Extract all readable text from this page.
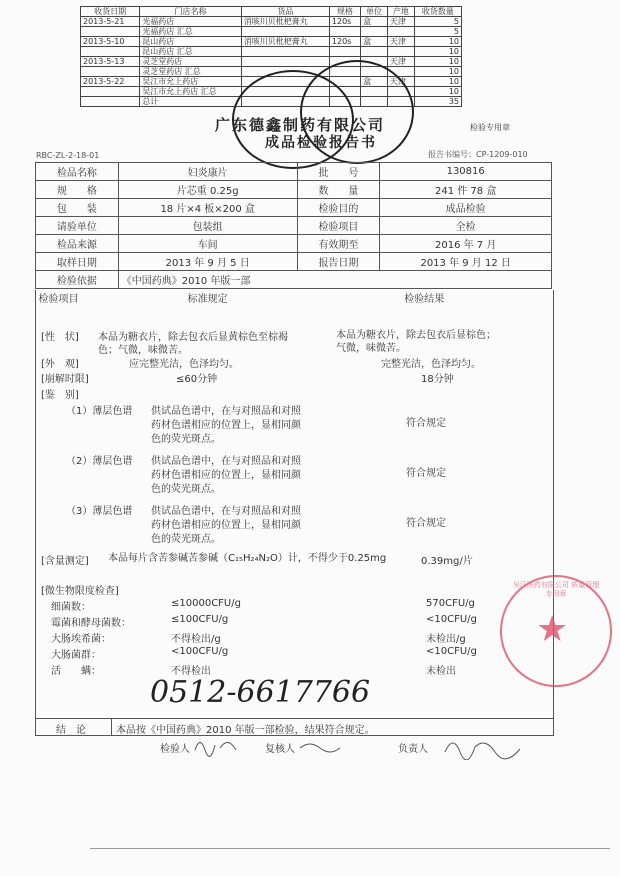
收货日期	门店名称	货品	规格	单位	产地	收货数量
2013-5-21	光福药店	消咳川贝枇杷膏丸	120s	盒	天津	5
	光福药店 汇总					5
2013-5-10	昆山药店	消咳川贝枇杷膏丸	120s	盒	天津	10
	昆山药店 汇总					10
2013-5-13	灵芝堂药店				天津	10
	灵芝堂药店 汇总					10
2013-5-22	吴江市允上药店			盒	天津	10
	吴江市允上药店 汇总					10
	总计					35
广东德鑫制药有限公司
成品检验报告书
检验专用章
RBC-ZL-2-18-01	报告书编号：CP-1209-010
检品名称	妇炎康片	批　　号	130816
规　　格	片芯重 0.25g	数　　量	241 件 78 盒
包　　装	18 片×4 板×200 盒	检验目的	成品检验
请验单位	包装组	检验项目	全检
检品来源	车间	有效期至	2016 年 7 月
取样日期	2013 年 9 月 5 日	报告日期	2013 年 9 月 12 日
检验依据	《中国药典》2010 年版一部		
检验项目	标准规定	检验结果	
[性　状] 本品为糖衣片，除去包衣后显黄棕色至棕褐
色；气微，味微苦。
本品为糖衣片，除去包衣后显棕色；
气微，味微苦。
[外　观]	应完整光洁，色泽均匀。	完整光洁，色泽均匀。
[崩解时限]	≤60分钟	18分钟
[鉴　别]
（1）薄层色谱 供试品色谱中，在与对照品和对照
药材色谱相应的位置上，显相同颜
色的荧光斑点。
符合规定
（2）薄层色谱 供试品色谱中，在与对照品和对照
药材色谱相应的位置上，显相同颜
色的荧光斑点。
符合规定
（3）薄层色谱 供试品色谱中，在与对照品和对照
药材色谱相应的位置上，显相同颜
色的荧光斑点。
符合规定
[含量测定] 本品每片含苦参碱苦参碱（C₁₅H₂₄N₂O）计，不得少于0.25mg	0.39mg/片
[微生物限度检查]
细菌数：	≤10000CFU/g	570CFU/g
霉菌和酵母菌数：	≤100CFU/g	<10CFU/g
大肠埃希菌：	不得检出/g	未检出/g
大肠菌群：	<100CFU/g	<10CFU/g
活　　螨：	不得检出	未检出
结　论	本品按《中国药典》2010 年版一部检验，结果符合规定。
检验人	复核人	负责人
0512-6617766
★
吴江医药有限公司 质量管理专用章
